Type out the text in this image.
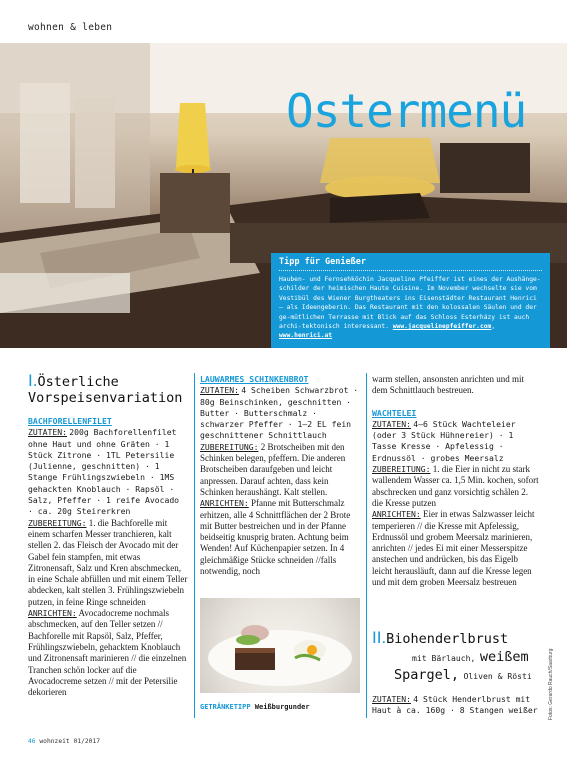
wohnen & leben
Ostermenü
Tipp für Genießer
Hauben- und Fernsehköchin Jacqueline Pfeiffer ist eines der Aushänge-schilder der heimischen Haute Cuisine. Im November wechselte sie vom Vestibül des Wiener Burgtheaters ins Eisenstädter Restaurant Henrici – als Ideengeberin. Das Restaurant mit den kolossalen Säulen und der ge-mütlichen Terrasse mit Blick auf das Schloss Esterházy ist auch archi-tektonisch interessant. www.jacquelinepfeiffer.com, www.henrici.at
I.Österliche Vorspeisenvariation
BACHFORELLENFILET
ZUTATEN: 200g Bachforellenfilet ohne Haut und ohne Gräten · 1 Stück Zitrone · 1TL Petersilie (Julienne, geschnitten) · 1 Stange Frühlingszwiebeln · 1MS gehackten Knoblauch · Rapsöl · Salz, Pfeffer · 1 reife Avocado · ca. 20g Steirerkren
ZUBEREITUNG: 1. die Bachforelle mit einem scharfen Messer tranchieren, kalt stellen 2. das Fleisch der Avocado mit der Gabel fein stampfen, mit etwas Zitronensaft, Salz und Kren abschmecken, in eine Schale abfüllen und mit einem Teller abdecken, kalt stellen 3. Frühlingszwiebeln putzen, in feine Ringe schneiden
ANRICHTEN: Avocadocreme nochmals abschmecken, auf den Teller setzen // Bachforelle mit Rapsöl, Salz, Pfeffer, Frühlingszwiebeln, gehacktem Knoblauch und Zitronensaft marinieren // die einzelnen Tranchen schön locker auf die Avocadocreme setzen // mit der Petersilie dekorieren
LAUWARMES SCHINKENBROT
ZUTATEN: 4 Scheiben Schwarzbrot · 80g Beinschinken, geschnitten · Butter · Butterschmalz · schwarzer Pfeffer · 1–2 EL fein geschnittener Schnittlauch
ZUBEREITUNG: 2 Brotscheiben mit den Schinken belegen, pfeffern. Die anderen Brotscheiben daraufgeben und leicht anpressen. Darauf achten, dass kein Schinken heraushängt. Kalt stellen.
ANRICHTEN: Pfanne mit Butterschmalz erhitzen, alle 4 Schnittflächen der 2 Brote mit Butter bestreichen und in der Pfanne beidseitig knusprig braten. Achtung beim Wenden! Auf Küchenpapier setzen. In 4 gleichmäßige Stücke schneiden //falls notwendig, noch
GETRÄNKETIPP Weißburgunder
warm stellen, ansonsten anrichten und mit dem Schnittlauch bestreuen.
WACHTELEI
ZUTATEN: 4–6 Stück Wachteleier (oder 3 Stück Hühnereier) · 1 Tasse Kresse · Apfelessig · Erdnussöl · grobes Meersalz
ZUBEREITUNG: 1. die Eier in nicht zu stark wallendem Wasser ca. 1,5 Min. kochen, sofort abschrecken und ganz vorsichtig schälen 2. die Kresse putzen
ANRICHTEN: Eier in etwas Salzwasser leicht temperieren // die Kresse mit Apfelessig, Erdnussöl und grobem Meersalz marinieren, anrichten // jedes Ei mit einer Messerspitze anstechen und andrücken, bis das Eigelb leicht herausläuft, dann auf die Kresse legen und mit dem groben Meersalz bestreuen
II.Biohenderlbrust
mit Bärlauch, weißem
Spargel, Oliven & Rösti
ZUTATEN: 4 Stück Henderlbrust mit Haut à ca. 160g · 8 Stangen weißer
46 wohnzeit 01/2017
Fotos: Gerardo Rauch/Saarburg
